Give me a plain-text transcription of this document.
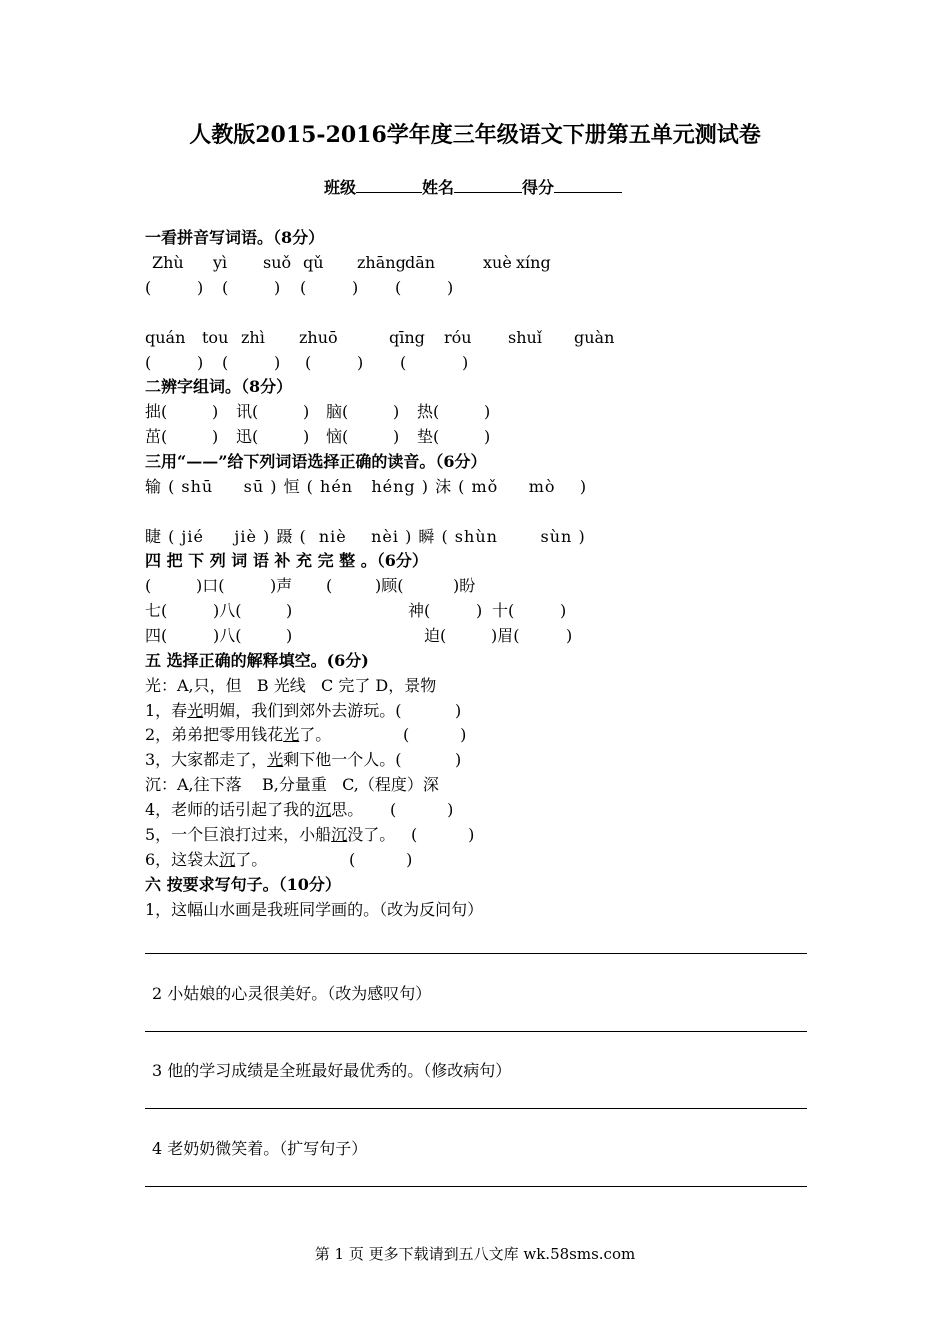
人教版2015-2016学年度三年级语文下册第五单元测试卷
班级	姓名	得分
一看拼音写词语。（8分）
Zhù yì suǒ qǔ zhāng dān	xuè xíng
(	) (	) (	) (	)
quán tou zhì zhuō	qīng róu shuǐ guàn
(	) (	) (	) (	)
二辨字组词。（8分）
拙(	) 讯(	) 脑(	) 热(	)
茁(	) 迅(	) 恼(	) 垫(	)
三用“——”给下列词语选择正确的读音。（6分）
输 ( shū     sū ) 恒 ( hén   héng ) 沫 ( mǒ     mò    )
睫 ( jié     jiè ) 蹑 (  niè    nèi ) 瞬 ( shùn       sùn )
四 把 下 列 词 语 补 充 完 整 。（6分）
(	)口(	)声 (	)顾(	)盼
七(	)八(	)	神(	) 十(	)
四(	)八(	)	迫(	)眉(	)
五 选择正确的解释填空。(6分)
光：A,只，但   B 光线   C 完了 D，景物
1，春光明媚，我们到郊外去游玩。(	)
2，弟弟把零用钱花光了。	(          )
3，大家都走了，光剩下他一个人。(	)
沉：A,往下落    B,分量重   C,（程度）深
4，老师的话引起了我的沉思。 (          )
5，一个巨浪打过来，小船沉没了。 (          )
6，这袋太沉了。	(          )
六 按要求写句子。（10分）
1，这幅山水画是我班同学画的。（改为反问句）
2 小姑娘的心灵很美好。（改为感叹句）
3 他的学习成绩是全班最好最优秀的。（修改病句）
4 老奶奶微笑着。（扩写句子）
第 1 页 更多下载请到五八文库 wk.58sms.com
